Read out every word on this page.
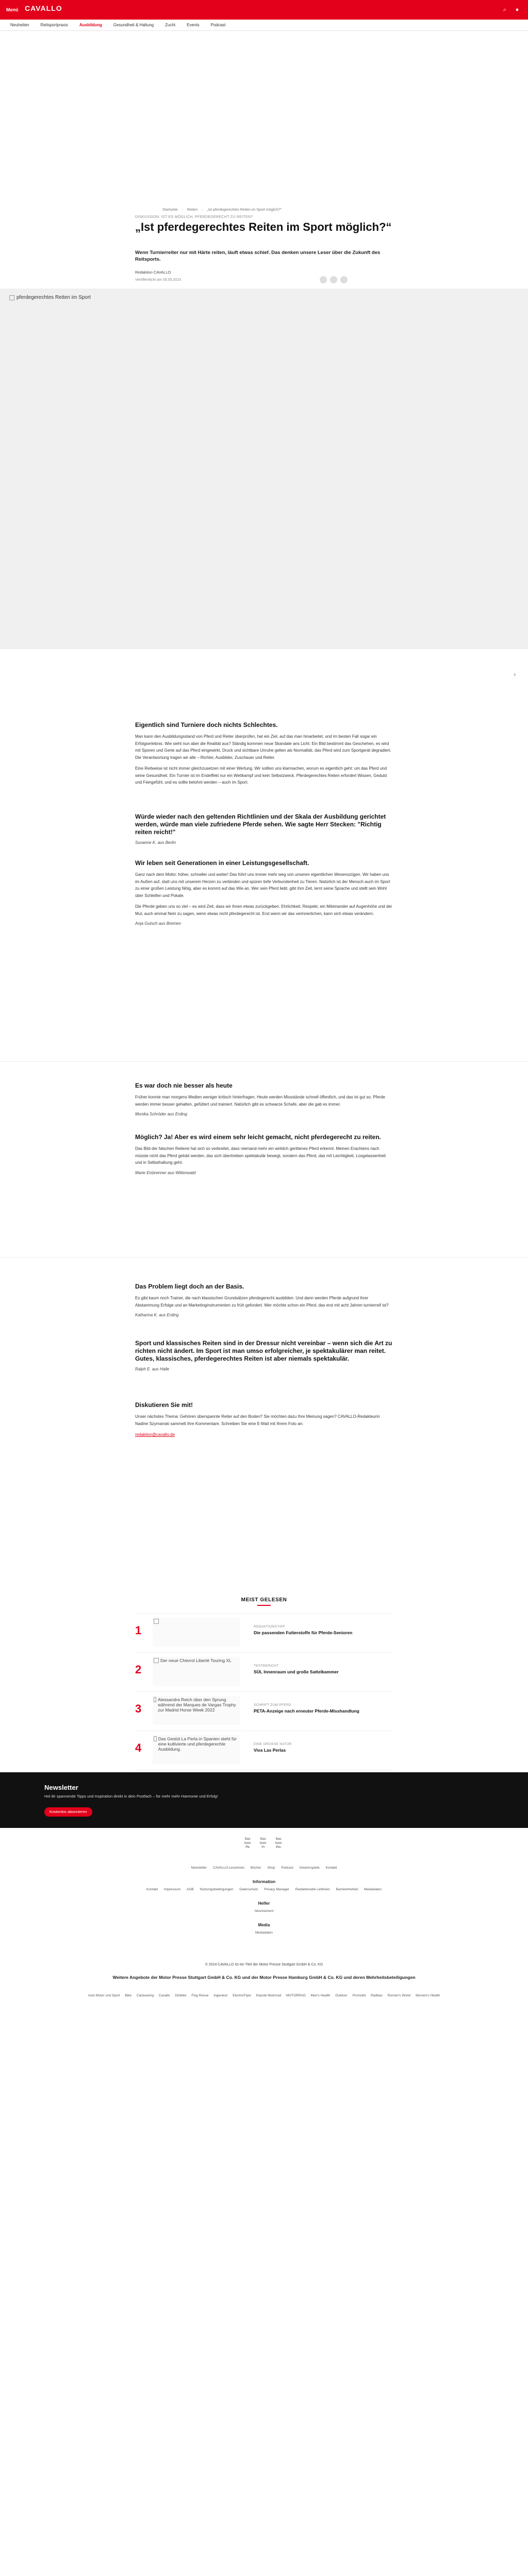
Menü CAVALLO	⌕	●
Neuheiten	Reitsportpraxis	Ausbildung	Gesundheit & Haltung	Zucht	Events	Podcast
Startseite › Reiten › „Ist pferdegerechtes Reiten im Sport möglich?“
DISKUSSION: IST ES MÖGLICH, PFERDEGERECHT ZU REITEN?
„Ist pferdegerechtes Reiten im Sport möglich?“

Wenn Turnierreiter nur mit Härte reiten, läuft etwas schief. Das denken unsere Leser über die Zukunft des Reitsports.

Redaktion CAVALLO
Veröffentlicht am 05.05.2023
pferdegerechtes Reiten im Sport
›
Eigentlich sind Turniere doch nichts Schlechtes.

Man kann den Ausbildungsstand von Pferd und Reiter überprüfen, hat ein Ziel, auf das man hinarbeitet, und im besten Fall sogar ein Erfolgserlebnis. Wie sieht nun aber die Realität aus? Ständig kommen neue Skandale ans Licht: Ein Bild bestimmt das Geschehen, es wird mit Sporen und Gerte auf das Pferd eingewirkt, Druck und sichtbare Unruhe gelten als Normalität, das Pferd wird zum Sportgerät degradiert. Die Verantwortung tragen wir alle – Richter, Ausbilder, Zuschauer und Reiter.

Eine Reitweise ist nicht immer gleichzusetzen mit einer Wertung. Wir sollten uns klarmachen, worum es eigentlich geht: um das Pferd und seine Gesundheit. Ein Turnier ist im Endeffekt nur ein Wettkampf und kein Selbstzweck. Pferdegerechtes Reiten erfordert Wissen, Geduld und Feingefühl, und es sollte belohnt werden – auch im Sport.

Würde wieder nach den geltenden Richtlinien und der Skala der Ausbildung gerichtet werden, würde man viele zufriedene Pferde sehen. Wie sagte Herr Stecken: "Richtig reiten reicht!"

Susanne K. aus Berlin

Wir leben seit Generationen in einer Leistungsgesellschaft.

Ganz nach dem Motto: höher, schneller und weiter! Das führt uns immer mehr weg von unseren eigentlichen Wesenszügen. Wir haben uns im Außen auf, statt uns mit unserem Herzen zu verbinden und spüren tiefe Verbundenheit zu Tieren. Natürlich ist der Mensch auch im Sport zu einer großen Leistung fähig, aber es kommt auf das Wie an. Wer sein Pferd liebt, gibt ihm Zeit, lernt seine Sprache und stellt sein Wohl über Schleifen und Pokale.

Die Pferde geben uns so viel – es wird Zeit, dass wir ihnen etwas zurückgeben. Ehrlichkeit, Respekt, ein Miteinander auf Augenhöhe und der Mut, auch einmal Nein zu sagen, wenn etwas nicht pferdegerecht ist. Erst wenn wir das verinnerlichen, kann sich etwas verändern.

Anja Gutsch aus Bremen

Es war doch nie besser als heute

Früher konnte man morgens Medien weniger kritisch hinterfragen. Heute werden Missstände schnell öffentlich, und das ist gut so. Pferde werden immer besser gehalten, gefüttert und trainiert. Natürlich gibt es schwarze Schafe, aber die gab es immer.

Monika Schröder aus Erding

Möglich? Ja! Aber es wird einem sehr leicht gemacht, nicht pferdegerecht zu reiten.

Das Bild der falschen Reiterei hat sich so verbreitet, dass niemand mehr ein wirklich gerittenes Pferd erkennt. Meinen Erachtens nach müsste nicht das Pferd gelobt werden, das sich übertrieben spektakulär bewegt, sondern das Pferd, das mit Leichtigkeit, Losgelassenheit und in Selbsthaltung geht.

Marie Eisbrenner aus Wittenwald

Das Problem liegt doch an der Basis.

Es gibt kaum noch Trainer, die nach klassischen Grundsätzen pferdegerecht ausbilden. Und dann werden Pferde aufgrund ihrer Abstammung Erfolge und an Marketinginstrumenten zu früh gefordert. Wer möchte schon ein Pferd, das erst mit acht Jahren turnierreif ist?

Katharina K. aus Erding

Sport und klassisches Reiten sind in der Dressur nicht vereinbar – wenn sich die Art zu richten nicht ändert. Im Sport ist man umso erfolgreicher, je spektakulärer man reitet. Gutes, klassisches, pferdegerechtes Reiten ist aber niemals spektakulär.

Ralph E. aus Halle

Diskutieren Sie mit!

Unser nächstes Thema: Gehören überspannte Reiter auf den Boden? Sie möchten dazu Ihre Meinung sagen? CAVALLO-Redakteurin Nadine Szymanski sammelt Ihre Kommentare. Schreiben Sie eine E-Mail mit Ihrem Foto an:

redaktion@cavallo.de

MEIST GELESEN
1	REDAKTIONSTIPP
Die passenden Futterstoffe für Pferde-Senioren
2
Der neue Chevrol Liberté Touring XL
TESTBERICHT
SÜL Innenraum und große Sattelkammer
3
Alessandra Reich über den Sprung während der Marques de Vargas Trophy zur Madrid Horse Week 2022
SCHRIFT ZUM PFERD
PETA-Anzeige nach erneuter Pferde-Misshandlung
4
Das Gestüt La Perla in Spanien steht für eine kultivierte und pferdegerechte Ausbildung.
EINE GROSSE NATUR
Viva Las Perlas
Newsletter
Hol dir spannende Tipps und Inspiration direkt in dein Postfach – für mehr mehr Harmonie und Erfolg!
Kostenlos abonnieren
Soc Icon Fb
Soc Icon Yt
Soc Icon Pin
Newsletter CAVALLO-Leserkreis Bücher Shop Podcast Gewinnspiele Kontakt
Information
Kontakt Impressum AGB Nutzungsbedingungen Datenschutz Privacy Manager Redaktionelle Leitlinien Barrierefreiheit Mediadaten
Helfer
Abonnement
Media
Mediadaten
© 2024 CAVALLO ist ein Titel der Motor Presse Stuttgart GmbH & Co. KG
Weitere Angebote der Motor Presse Stuttgart GmbH & Co. KG und der Motor Presse Hamburg GmbH & Co. KG und deren Mehrheitsbeteiligungen
Auto Motor und Sport Bike Caravaning Cavallo Dirtbike Flug Revue Ingenieur ElectricFlyer Klassik Motorrad MOTORRAD Men's Health Outdoor Promobil Radbau Runner's World Women's Health
